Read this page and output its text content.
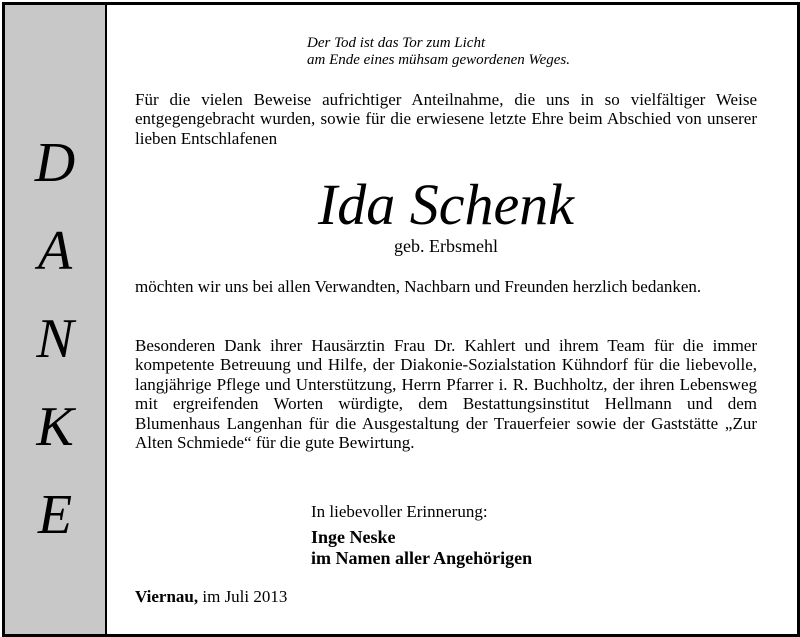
D
A
N
K
E
Der Tod ist das Tor zum Licht
am Ende eines mühsam gewordenen Weges.
Für die vielen Beweise aufrichtiger Anteilnahme, die uns in so vielfältiger Weise entgegengebracht wurden, sowie für die erwiesene letzte Ehre beim Abschied von unserer lieben Entschlafenen
Ida Schenk
geb. Erbsmehl
möchten wir uns bei allen Verwandten, Nachbarn und Freunden herzlich bedanken.
Besonderen Dank ihrer Hausärztin Frau Dr. Kahlert und ihrem Team für die immer kompetente Betreuung und Hilfe, der Diakonie-Sozialstation Kühndorf für die liebevolle, langjährige Pflege und Unterstützung, Herrn Pfarrer i. R. Buchholtz, der ihren Lebensweg mit ergreifenden Worten würdigte, dem Bestattungsinstitut Hellmann und dem Blumenhaus Langenhan für die Ausgestaltung der Trauerfeier sowie der Gaststätte „Zur Alten Schmiede“ für die gute Bewirtung.
In liebevoller Erinnerung:
Inge Neske
im Namen aller Angehörigen
Viernau, im Juli 2013
